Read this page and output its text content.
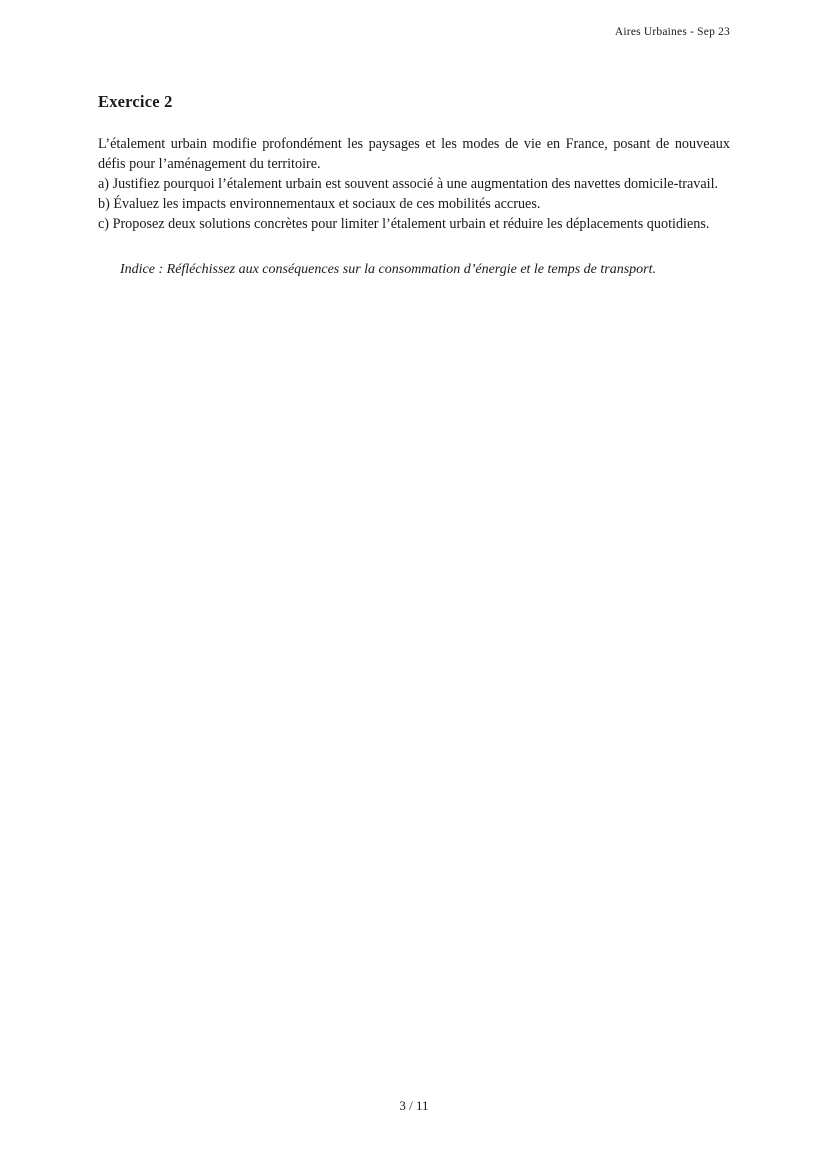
Aires Urbaines - Sep 23
Exercice 2

L’étalement urbain modifie profondément les paysages et les modes de vie en France, posant de nouveaux défis pour l’aménagement du territoire.

a) Justifiez pourquoi l’étalement urbain est souvent associé à une augmentation des navettes domicile-travail.

b) Évaluez les impacts environnementaux et sociaux de ces mobilités accrues.

c) Proposez deux solutions concrètes pour limiter l’étalement urbain et réduire les déplacements quotidiens.

Indice : Réfléchissez aux conséquences sur la consommation d’énergie et le temps de transport.

3 / 11
